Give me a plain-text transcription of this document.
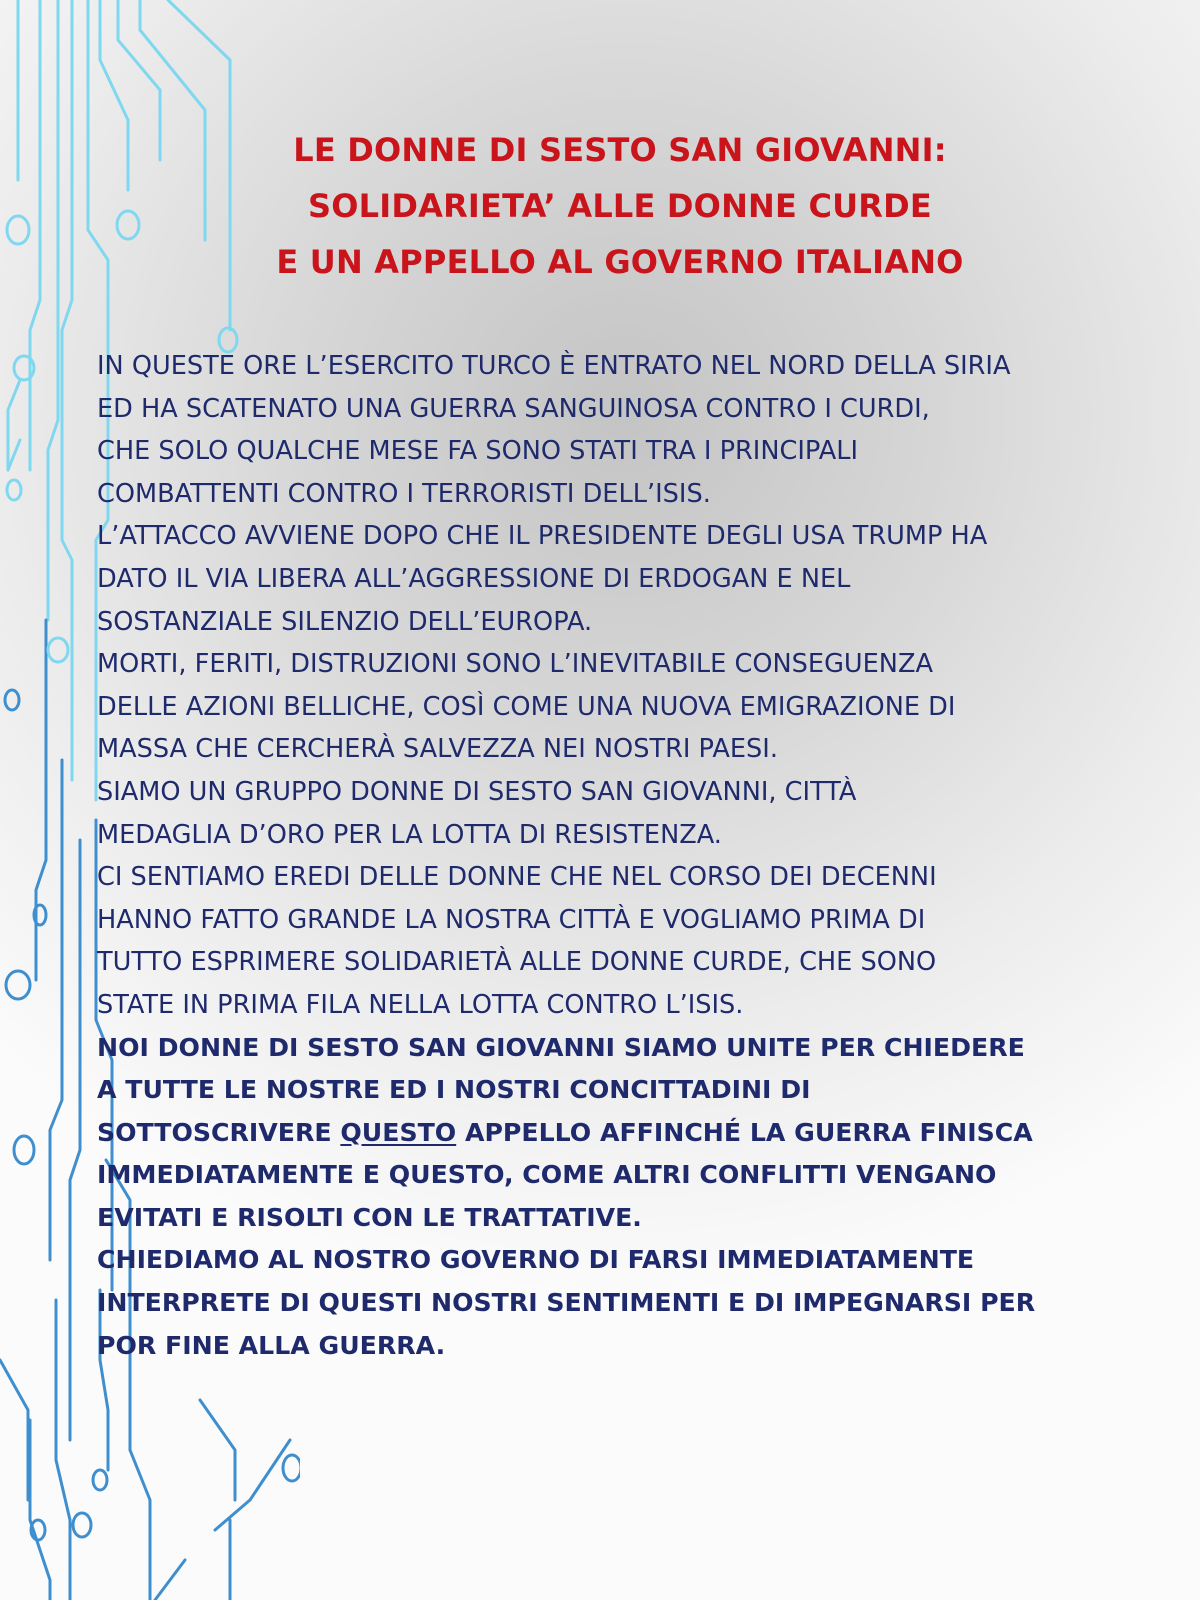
LE DONNE DI SESTO SAN GIOVANNI:
SOLIDARIETA’ ALLE DONNE CURDE
E UN APPELLO AL GOVERNO ITALIANO
IN QUESTE ORE L’ESERCITO TURCO È ENTRATO NEL NORD DELLA SIRIA
ED HA SCATENATO UNA GUERRA SANGUINOSA CONTRO I CURDI,
CHE SOLO QUALCHE MESE FA SONO STATI TRA I PRINCIPALI
COMBATTENTI CONTRO I TERRORISTI DELL’ISIS.
L’ATTACCO AVVIENE DOPO CHE IL PRESIDENTE DEGLI USA TRUMP HA
DATO IL VIA LIBERA ALL’AGGRESSIONE DI ERDOGAN E NEL
SOSTANZIALE SILENZIO DELL’EUROPA.
MORTI, FERITI, DISTRUZIONI SONO L’INEVITABILE CONSEGUENZA
DELLE AZIONI BELLICHE, COSÌ COME UNA NUOVA EMIGRAZIONE DI
MASSA CHE CERCHERÀ SALVEZZA NEI NOSTRI PAESI.
SIAMO UN GRUPPO DONNE DI SESTO SAN GIOVANNI, CITTÀ
MEDAGLIA D’ORO PER LA LOTTA DI RESISTENZA.
CI SENTIAMO EREDI DELLE DONNE CHE NEL CORSO DEI DECENNI
HANNO FATTO GRANDE LA NOSTRA CITTÀ E VOGLIAMO PRIMA DI
TUTTO ESPRIMERE SOLIDARIETÀ ALLE DONNE CURDE, CHE SONO
STATE IN PRIMA FILA NELLA LOTTA CONTRO L’ISIS.
NOI DONNE DI SESTO SAN GIOVANNI SIAMO UNITE PER CHIEDERE
A TUTTE LE NOSTRE ED I NOSTRI CONCITTADINI DI
SOTTOSCRIVERE QUESTO APPELLO AFFINCHÉ LA GUERRA FINISCA
IMMEDIATAMENTE E QUESTO, COME ALTRI CONFLITTI VENGANO
EVITATI E RISOLTI CON LE TRATTATIVE.
CHIEDIAMO AL NOSTRO GOVERNO DI FARSI IMMEDIATAMENTE
INTERPRETE DI QUESTI NOSTRI SENTIMENTI E DI IMPEGNARSI PER
POR FINE ALLA GUERRA.
